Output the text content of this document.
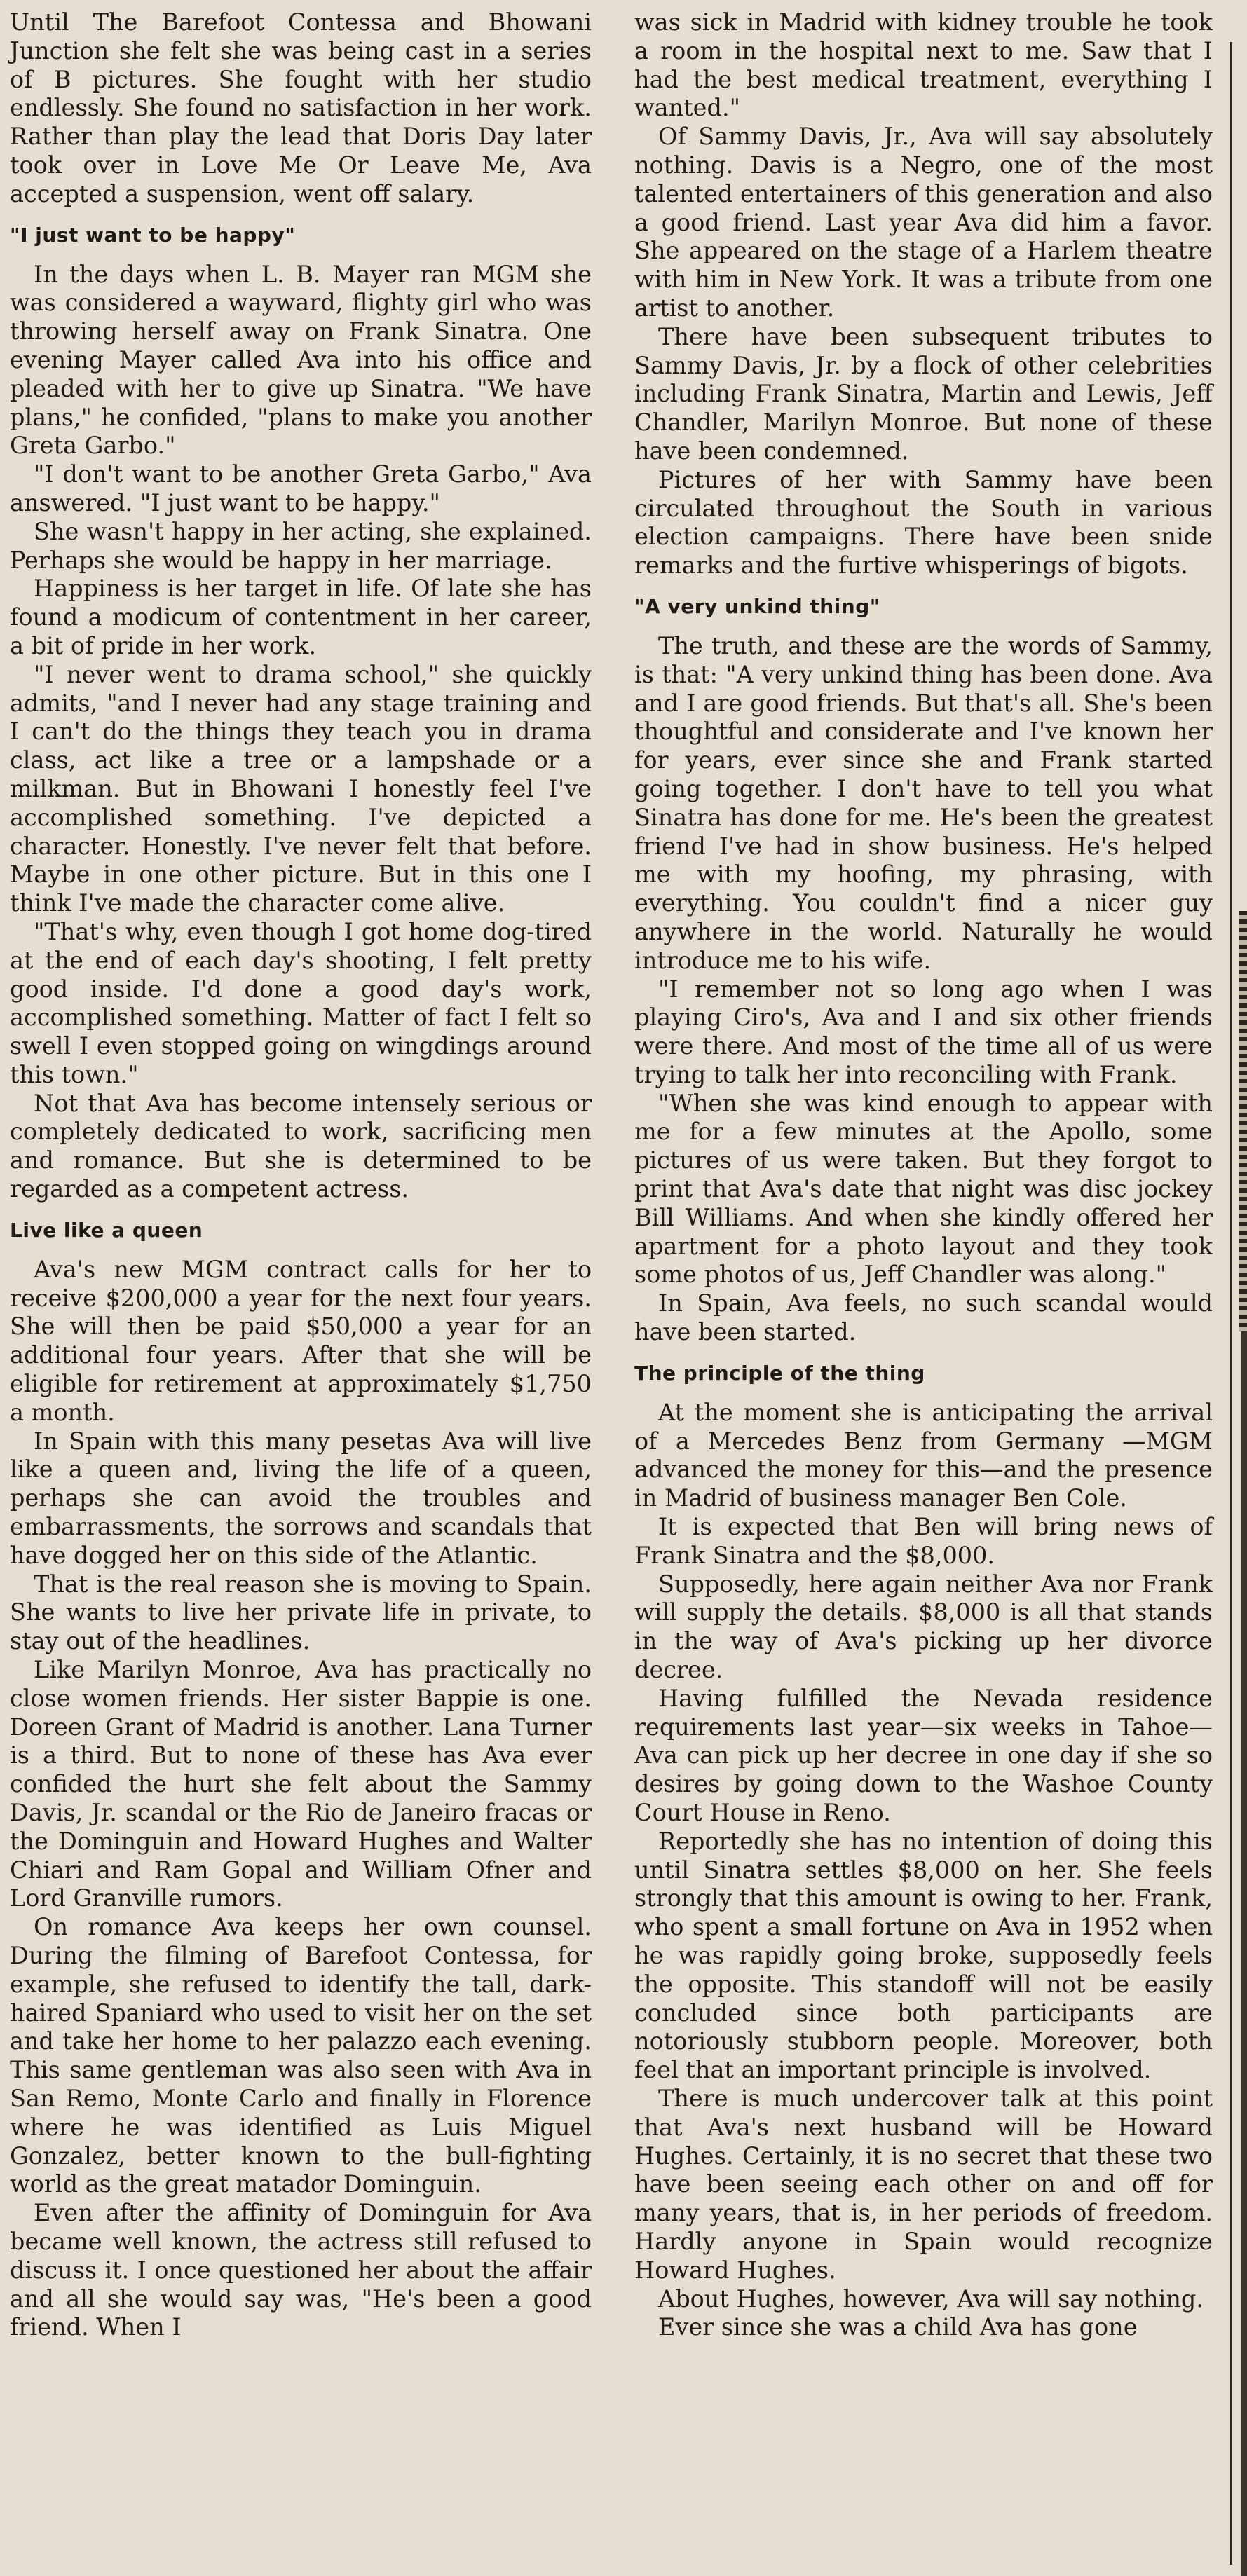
Until The Barefoot Contessa and Bhowani Junction she felt she was being cast in a series of B pictures. She fought with her studio endlessly. She found no satisfaction in her work. Rather than play the lead that Doris Day later took over in Love Me Or Leave Me, Ava accepted a suspension, went off salary.

"I just want to be happy"

In the days when L. B. Mayer ran MGM she was considered a wayward, flighty girl who was throwing herself away on Frank Sinatra. One evening Mayer called Ava into his office and pleaded with her to give up Sinatra. "We have plans," he confided, "plans to make you another Greta Garbo."

"I don't want to be another Greta Garbo," Ava answered. "I just want to be happy."

She wasn't happy in her acting, she explained. Perhaps she would be happy in her marriage.

Happiness is her target in life. Of late she has found a modicum of contentment in her career, a bit of pride in her work.

"I never went to drama school," she quickly admits, "and I never had any stage training and I can't do the things they teach you in drama class, act like a tree or a lampshade or a milkman. But in Bhowani I honestly feel I've accomplished something. I've depicted a character. Honestly. I've never felt that before. Maybe in one other picture. But in this one I think I've made the character come alive.

"That's why, even though I got home dog-tired at the end of each day's shooting, I felt pretty good inside. I'd done a good day's work, accomplished something. Matter of fact I felt so swell I even stopped going on wingdings around this town."

Not that Ava has become intensely serious or completely dedicated to work, sacrificing men and romance. But she is determined to be regarded as a competent actress.

Live like a queen

Ava's new MGM contract calls for her to receive $200,000 a year for the next four years. She will then be paid $50,000 a year for an additional four years. After that she will be eligible for retirement at approximately $1,750 a month.

In Spain with this many pesetas Ava will live like a queen and, living the life of a queen, perhaps she can avoid the troubles and embarrassments, the sorrows and scandals that have dogged her on this side of the Atlantic.

That is the real reason she is moving to Spain. She wants to live her private life in private, to stay out of the headlines.

Like Marilyn Monroe, Ava has practically no close women friends. Her sister Bappie is one. Doreen Grant of Madrid is another. Lana Turner is a third. But to none of these has Ava ever confided the hurt she felt about the Sammy Davis, Jr. scandal or the Rio de Janeiro fracas or the Dominguin and Howard Hughes and Walter Chiari and Ram Gopal and William Ofner and Lord Granville rumors.

On romance Ava keeps her own counsel. During the filming of Barefoot Contessa, for example, she refused to identify the tall, dark-haired Spaniard who used to visit her on the set and take her home to her palazzo each evening. This same gentleman was also seen with Ava in San Remo, Monte Carlo and finally in Florence where he was identified as Luis Miguel Gonzalez, better known to the bull-fighting world as the great matador Dominguin.

Even after the affinity of Dominguin for Ava became well known, the actress still refused to discuss it. I once questioned her about the affair and all she would say was, "He's been a good friend. When I

was sick in Madrid with kidney trouble he took a room in the hospital next to me. Saw that I had the best medical treatment, everything I wanted."

Of Sammy Davis, Jr., Ava will say absolutely nothing. Davis is a Negro, one of the most talented entertainers of this generation and also a good friend. Last year Ava did him a favor. She appeared on the stage of a Harlem theatre with him in New York. It was a tribute from one artist to another.

There have been subsequent tributes to Sammy Davis, Jr. by a flock of other celebrities including Frank Sinatra, Martin and Lewis, Jeff Chandler, Marilyn Monroe. But none of these have been condemned.

Pictures of her with Sammy have been circulated throughout the South in various election campaigns. There have been snide remarks and the furtive whisperings of bigots.

"A very unkind thing"

The truth, and these are the words of Sammy, is that: "A very unkind thing has been done. Ava and I are good friends. But that's all. She's been thoughtful and considerate and I've known her for years, ever since she and Frank started going together. I don't have to tell you what Sinatra has done for me. He's been the greatest friend I've had in show business. He's helped me with my hoofing, my phrasing, with everything. You couldn't find a nicer guy anywhere in the world. Naturally he would introduce me to his wife.

"I remember not so long ago when I was playing Ciro's, Ava and I and six other friends were there. And most of the time all of us were trying to talk her into reconciling with Frank.

"When she was kind enough to appear with me for a few minutes at the Apollo, some pictures of us were taken. But they forgot to print that Ava's date that night was disc jockey Bill Williams. And when she kindly offered her apartment for a photo layout and they took some photos of us, Jeff Chandler was along."

In Spain, Ava feels, no such scandal would have been started.

The principle of the thing

At the moment she is anticipating the arrival of a Mercedes Benz from Germany —MGM advanced the money for this—and the presence in Madrid of business manager Ben Cole.

It is expected that Ben will bring news of Frank Sinatra and the $8,000.

Supposedly, here again neither Ava nor Frank will supply the details. $8,000 is all that stands in the way of Ava's picking up her divorce decree.

Having fulfilled the Nevada residence requirements last year—six weeks in Tahoe—Ava can pick up her decree in one day if she so desires by going down to the Washoe County Court House in Reno.

Reportedly she has no intention of doing this until Sinatra settles $8,000 on her. She feels strongly that this amount is owing to her. Frank, who spent a small fortune on Ava in 1952 when he was rapidly going broke, supposedly feels the opposite. This standoff will not be easily concluded since both participants are notoriously stubborn people. Moreover, both feel that an important principle is involved.

There is much undercover talk at this point that Ava's next husband will be Howard Hughes. Certainly, it is no secret that these two have been seeing each other on and off for many years, that is, in her periods of freedom. Hardly anyone in Spain would recognize Howard Hughes.

About Hughes, however, Ava will say nothing.

Ever since she was a child Ava has gone
